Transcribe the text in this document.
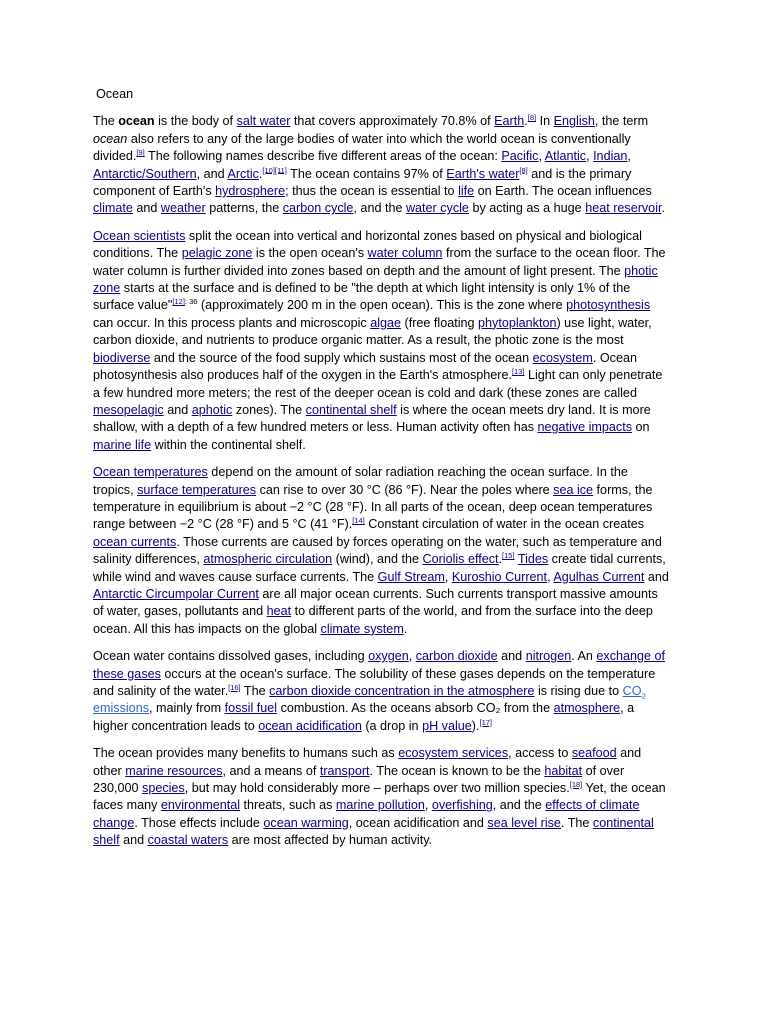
Ocean

The ocean is the body of salt water that covers approximately 70.8% of Earth.[8] In English, the term ocean also refers to any of the large bodies of water into which the world ocean is conventionally divided.[9] The following names describe five different areas of the ocean: Pacific, Atlantic, Indian, Antarctic/Southern, and Arctic.[10][11] The ocean contains 97% of Earth's water[8] and is the primary component of Earth's hydrosphere; thus the ocean is essential to life on Earth. The ocean influences climate and weather patterns, the carbon cycle, and the water cycle by acting as a huge heat reservoir.

Ocean scientists split the ocean into vertical and horizontal zones based on physical and biological conditions. The pelagic zone is the open ocean's water column from the surface to the ocean floor. The water column is further divided into zones based on depth and the amount of light present. The photic zone starts at the surface and is defined to be "the depth at which light intensity is only 1% of the surface value"$^{[12]: 36}$ (approximately 200 m in the open ocean). This is the zone where photosynthesis can occur. In this process plants and microscopic algae (free floating phytoplankton) use light, water, carbon dioxide, and nutrients to produce organic matter. As a result, the photic zone is the most biodiverse and the source of the food supply which sustains most of the ocean ecosystem. Ocean photosynthesis also produces half of the oxygen in the Earth's atmosphere.[13] Light can only penetrate a few hundred more meters; the rest of the deeper ocean is cold and dark (these zones are called mesopelagic and aphotic zones). The continental shelf is where the ocean meets dry land. It is more shallow, with a depth of a few hundred meters or less. Human activity often has negative impacts on marine life within the continental shelf.

Ocean temperatures depend on the amount of solar radiation reaching the ocean surface. In the tropics, surface temperatures can rise to over 30 °C (86 °F). Near the poles where sea ice forms, the temperature in equilibrium is about −2 °C (28 °F). In all parts of the ocean, deep ocean temperatures range between −2 °C (28 °F) and 5 °C (41 °F).[14] Constant circulation of water in the ocean creates ocean currents. Those currents are caused by forces operating on the water, such as temperature and salinity differences, atmospheric circulation (wind), and the Coriolis effect.[15] Tides create tidal currents, while wind and waves cause surface currents. The Gulf Stream, Kuroshio Current, Agulhas Current and Antarctic Circumpolar Current are all major ocean currents. Such currents transport massive amounts of water, gases, pollutants and heat to different parts of the world, and from the surface into the deep ocean. All this has impacts on the global climate system.

Ocean water contains dissolved gases, including oxygen, carbon dioxide and nitrogen. An exchange of these gases occurs at the ocean's surface. The solubility of these gases depends on the temperature and salinity of the water.[16] The carbon dioxide concentration in the atmosphere is rising due to $CO_2$ emissions, mainly from fossil fuel combustion. As the oceans absorb CO₂ from the atmosphere, a higher concentration leads to ocean acidification (a drop in pH value).[17]

The ocean provides many benefits to humans such as ecosystem services, access to seafood and other marine resources, and a means of transport. The ocean is known to be the habitat of over 230,000 species, but may hold considerably more – perhaps over two million species.[18] Yet, the ocean faces many environmental threats, such as marine pollution, overfishing, and the effects of climate change. Those effects include ocean warming, ocean acidification and sea level rise. The continental shelf and coastal waters are most affected by human activity.
